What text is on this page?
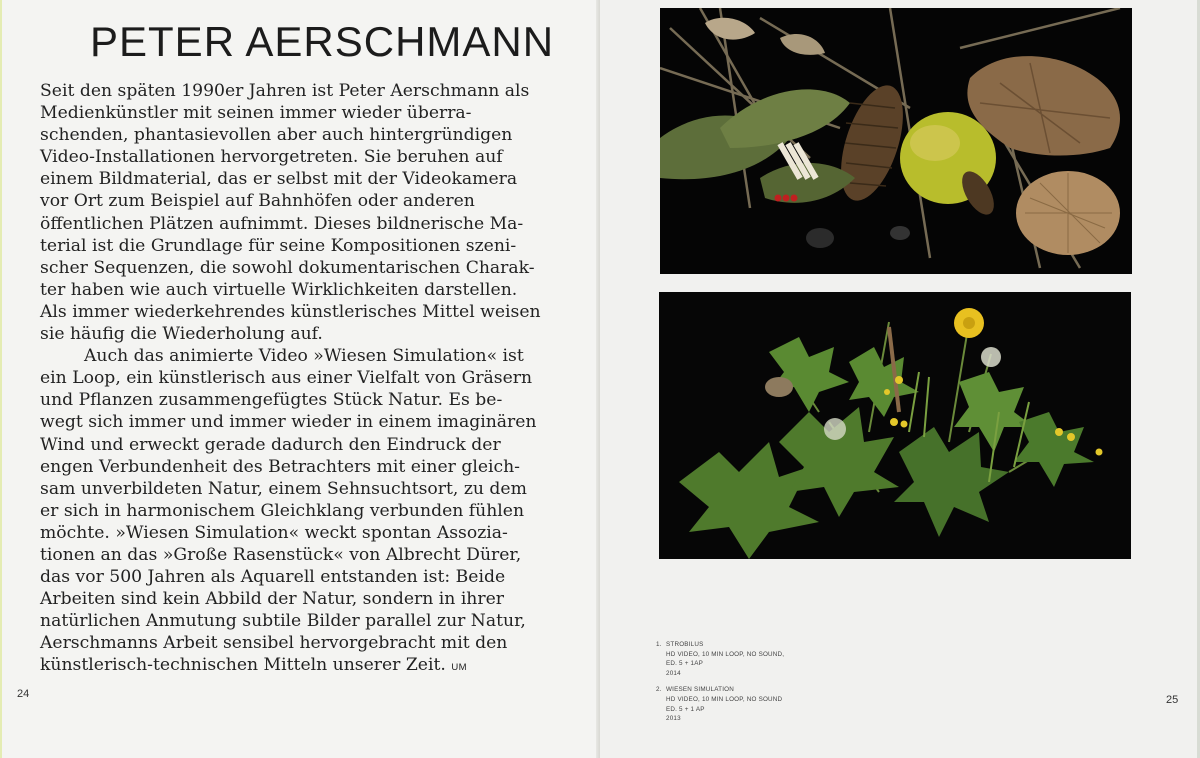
PETER AERSCHMANN
Seit den späten 1990er Jahren ist Peter Aerschmann als
Medienkünstler mit seinen immer wieder überra-
schenden, phantasievollen aber auch hintergründigen
Video-Installationen hervorgetreten. Sie beruhen auf
einem Bildmaterial, das er selbst mit der Videokamera
vor Ort zum Beispiel auf Bahnhöfen oder anderen
öffentlichen Plätzen aufnimmt. Dieses bildnerische Ma-
terial ist die Grundlage für seine Kompositionen szeni-
scher Sequenzen, die sowohl dokumentarischen Charak-
ter haben wie auch virtuelle Wirklichkeiten darstellen.
Als immer wiederkehrendes künstlerisches Mittel weisen
sie häufig die Wiederholung auf.
Auch das animierte Video »Wiesen Simulation« ist
ein Loop, ein künstlerisch aus einer Vielfalt von Gräsern
und Pflanzen zusammengefügtes Stück Natur. Es be-
wegt sich immer und immer wieder in einem imaginären
Wind und erweckt gerade dadurch den Eindruck der
engen Verbundenheit des Betrachters mit einer gleich-
sam unverbildeten Natur, einem Sehnsuchtsort, zu dem
er sich in harmonischem Gleichklang verbunden fühlen
möchte. »Wiesen Simulation« weckt spontan Assozia-
tionen an das »Große Rasenstück« von Albrecht Dürer,
das vor 500 Jahren als Aquarell entstanden ist: Beide
Arbeiten sind kein Abbild der Natur, sondern in ihrer
natürlichen Anmutung subtile Bilder parallel zur Natur,
Aerschmanns Arbeit sensibel hervorgebracht mit den
künstlerisch-technischen Mitteln unserer Zeit. UM
24
1. STROBILUS
HD VIDEO, 10 MIN LOOP, NO SOUND,
ED. 5 + 1AP
2014
2. WIESEN SIMULATION
HD VIDEO, 10 MIN LOOP, NO SOUND
ED. 5 + 1 AP
2013
25
